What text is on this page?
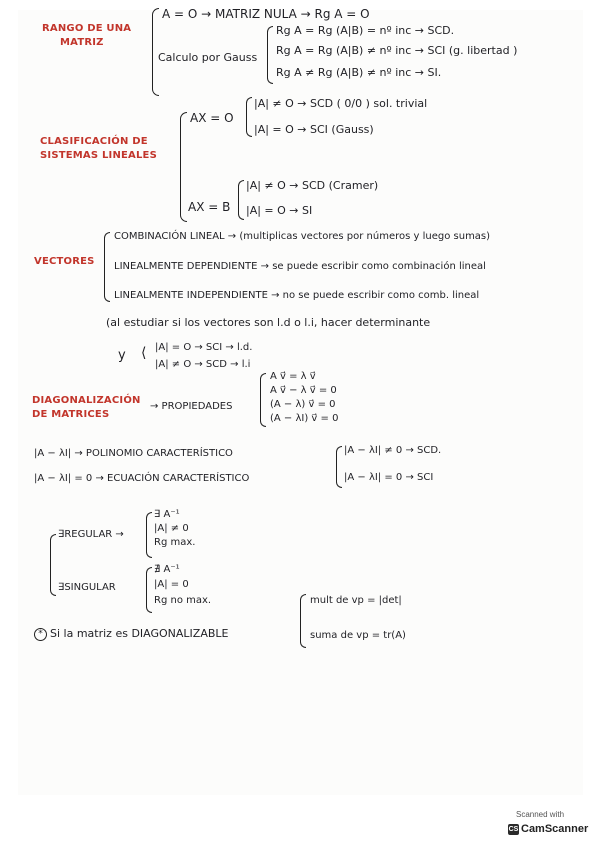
RANGO DE UNA
MATRIZ
A = O → MATRIZ NULA → Rg A = O
Calculo por Gauss
Rg A = Rg (A|B) = nº inc → SCD.
Rg A = Rg (A|B) ≠ nº inc → SCI (g. libertad )
Rg A ≠ Rg (A|B) ≠ nº inc → SI.
CLASIFICACIÓN DE
SISTEMAS LINEALES
AX = O
|A| ≠ O → SCD ( 0/0 ) sol. trivial
|A| = O → SCI (Gauss)
AX = B
|A| ≠ O → SCD (Cramer)
|A| = O → SI
VECTORES
COMBINACIÓN LINEAL → (multiplicas vectores por números y luego sumas)
LINEALMENTE DEPENDIENTE → se puede escribir como combinación lineal
LINEALMENTE INDEPENDIENTE → no se puede escribir como comb. lineal
(al estudiar si los vectores son l.d o l.i, hacer determinante
y ⟨ |A| = O → SCI → l.d.
|A| ≠ O → SCD → l.i
DIAGONALIZACIÓN
DE MATRICES
→ PROPIEDADES
A v⃗ = λ v⃗
A v⃗ − λ v⃗ = 0
(A − λ) v⃗ = 0
(A − λI) v⃗ = 0
|A − λI| → POLINOMIO CARACTERÍSTICO
|A − λI| = 0 → ECUACIÓN CARACTERÍSTICO
|A − λI| ≠ 0 → SCD.
|A − λI| = 0 → SCI
∃REGULAR →
∃ A⁻¹
|A| ≠ 0
Rg max.
∃SINGULAR
∄ A⁻¹
|A| = 0
Rg no max.
* Si la matriz es DIAGONALIZABLE
mult de vp = |det|
suma de vp = tr(A)
Scanned with
CS CamScanner
